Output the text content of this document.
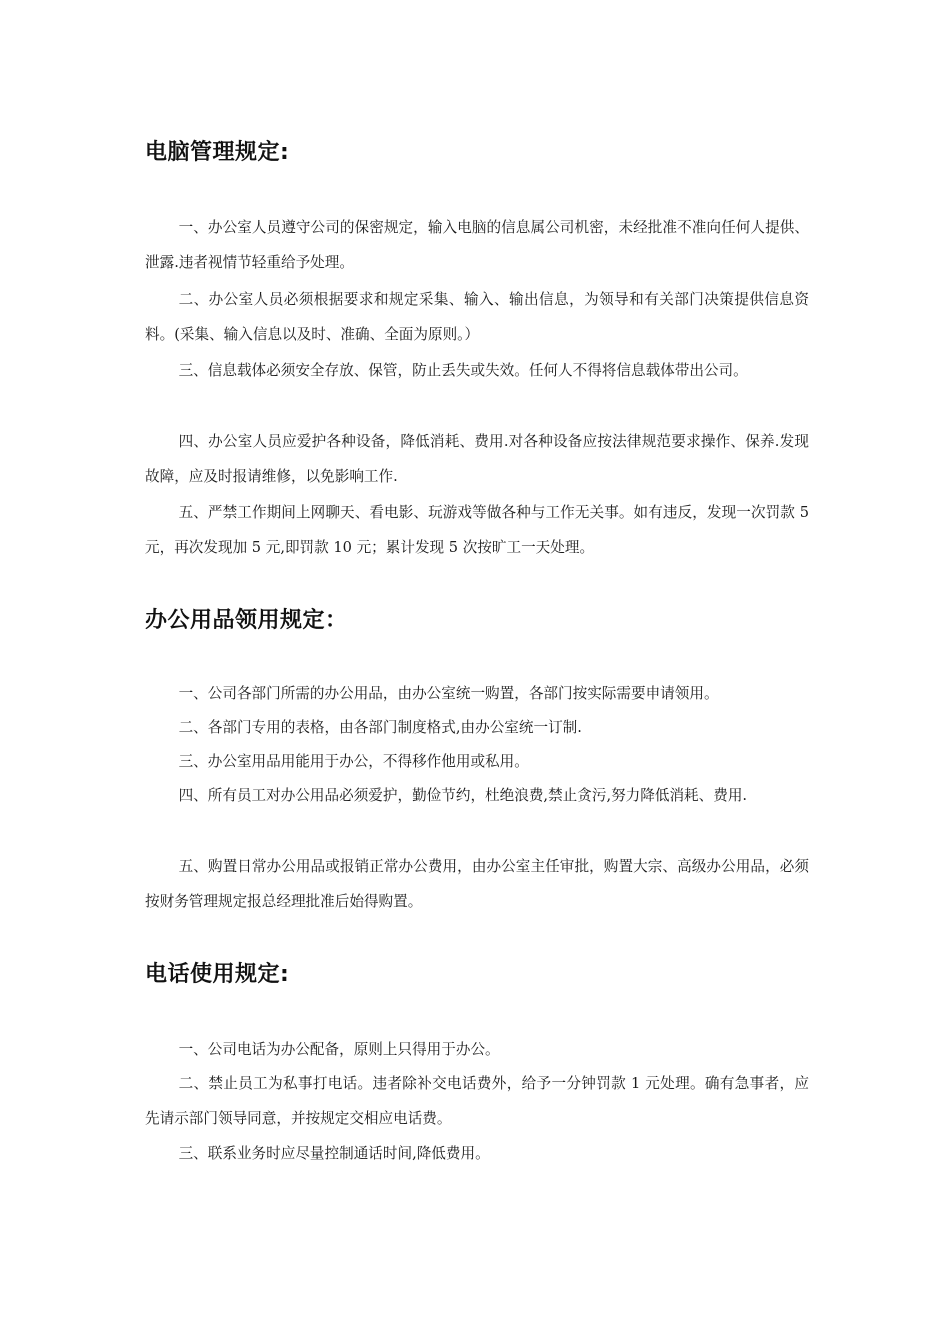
电脑管理规定:

一、办公室人员遵守公司的保密规定，输入电脑的信息属公司机密，未经批准不准向任何人提供、泄露.违者视情节轻重给予处理。

二、办公室人员必须根据要求和规定采集、输入、输出信息，为领导和有关部门决策提供信息资料。(采集、输入信息以及时、准确、全面为原则。）

三、信息载体必须安全存放、保管，防止丢失或失效。任何人不得将信息载体带出公司。

四、办公室人员应爱护各种设备，降低消耗、费用.对各种设备应按法律规范要求操作、保养.发现故障，应及时报请维修，以免影响工作.

五、严禁工作期间上网聊天、看电影、玩游戏等做各种与工作无关事。如有违反，发现一次罚款 5 元，再次发现加 5 元,即罚款 10 元；累计发现 5 次按旷工一天处理。

办公用品领用规定：

一、公司各部门所需的办公用品，由办公室统一购置，各部门按实际需要申请领用。

二、各部门专用的表格，由各部门制度格式,由办公室统一订制.

三、办公室用品用能用于办公，不得移作他用或私用。

四、所有员工对办公用品必须爱护，勤俭节约，杜绝浪费,禁止贪污,努力降低消耗、费用.

五、购置日常办公用品或报销正常办公费用，由办公室主任审批，购置大宗、高级办公用品，必须按财务管理规定报总经理批准后始得购置。

电话使用规定:

一、公司电话为办公配备，原则上只得用于办公。

二、禁止员工为私事打电话。违者除补交电话费外，给予一分钟罚款 1 元处理。确有急事者，应先请示部门领导同意，并按规定交相应电话费。

三、联系业务时应尽量控制通话时间,降低费用。
